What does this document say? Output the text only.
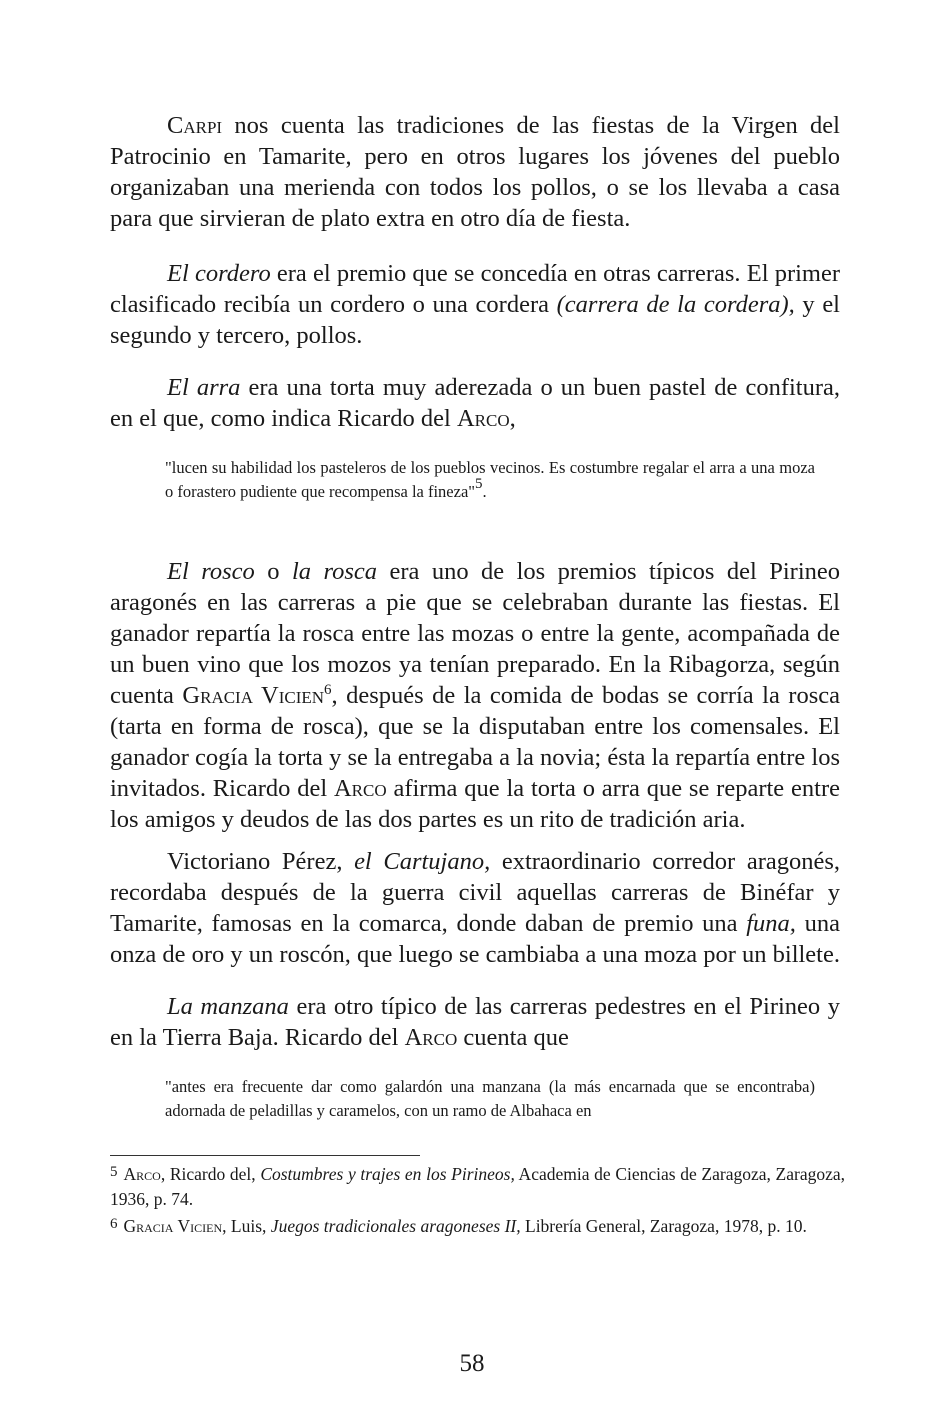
Carpi nos cuenta las tradiciones de las fiestas de la Virgen del Patrocinio en Tamarite, pero en otros lugares los jóvenes del pueblo organizaban una merienda con todos los pollos, o se los llevaba a casa para que sirvieran de plato extra en otro día de fiesta.

El cordero era el premio que se concedía en otras carreras. El primer clasificado recibía un cordero o una cordera (carrera de la cordera), y el segundo y tercero, pollos.

El arra era una torta muy aderezada o un buen pastel de confitura, en el que, como indica Ricardo del Arco,

"lucen su habilidad los pasteleros de los pueblos vecinos. Es costumbre regalar el arra a una moza o forastero pudiente que recompensa la fineza"$^5$.

El rosco o la rosca era uno de los premios típicos del Pirineo aragonés en las carreras a pie que se celebraban durante las fiestas. El ganador repartía la rosca entre las mozas o entre la gente, acompañada de un buen vino que los mozos ya tenían preparado. En la Ribagorza, según cuenta Gracia Vicien$^6$, después de la comida de bodas se corría la rosca (tarta en forma de rosca), que se la disputaban entre los comensales. El ganador cogía la torta y se la entregaba a la novia; ésta la repartía entre los invitados. Ricardo del Arco afirma que la torta o arra que se reparte entre los amigos y deudos de las dos partes es un rito de tradición aria.

Victoriano Pérez, el Cartujano, extraordinario corredor aragonés, recordaba después de la guerra civil aquellas carreras de Binéfar y Tamarite, famosas en la comarca, donde daban de premio una funa, una onza de oro y un roscón, que luego se cambiaba a una moza por un billete.

La manzana era otro típico de las carreras pedestres en el Pirineo y en la Tierra Baja. Ricardo del Arco cuenta que

"antes era frecuente dar como galardón una manzana (la más encarnada que se encontraba) adornada de peladillas y caramelos, con un ramo de Albahaca en

$^5$ Arco, Ricardo del, Costumbres y trajes en los Pirineos, Academia de Ciencias de Zaragoza, Zaragoza, 1936, p. 74.

$^6$ Gracia Vicien, Luis, Juegos tradicionales aragoneses II, Librería General, Zaragoza, 1978, p. 10.

58
